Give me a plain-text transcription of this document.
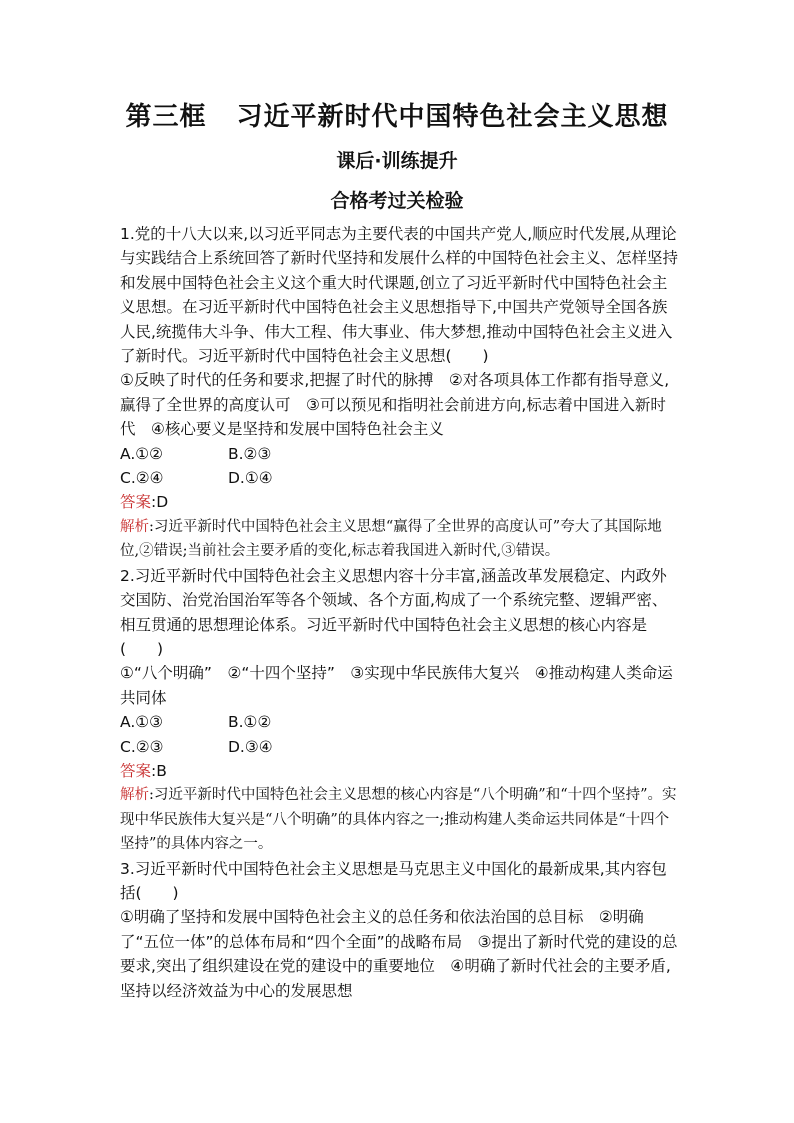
第三框 习近平新时代中国特色社会主义思想
课后·训练提升
合格考过关检验

1.党的十八大以来,以习近平同志为主要代表的中国共产党人,顺应时代发展,从理论与实践结合上系统回答了新时代坚持和发展什么样的中国特色社会主义、怎样坚持和发展中国特色社会主义这个重大时代课题,创立了习近平新时代中国特色社会主义思想。在习近平新时代中国特色社会主义思想指导下,中国共产党领导全国各族人民,统揽伟大斗争、伟大工程、伟大事业、伟大梦想,推动中国特色社会主义进入了新时代。习近平新时代中国特色社会主义思想(　　)

①反映了时代的任务和要求,把握了时代的脉搏　②对各项具体工作都有指导意义,赢得了全世界的高度认可　③可以预见和指明社会前进方向,标志着中国进入新时代　④核心要义是坚持和发展中国特色社会主义

A.①②	B.②③

C.②④	D.①④

答案:D

解析:习近平新时代中国特色社会主义思想“赢得了全世界的高度认可”夸大了其国际地位,②错误;当前社会主要矛盾的变化,标志着我国进入新时代,③错误。

2.习近平新时代中国特色社会主义思想内容十分丰富,涵盖改革发展稳定、内政外交国防、治党治国治军等各个领域、各个方面,构成了一个系统完整、逻辑严密、相互贯通的思想理论体系。习近平新时代中国特色社会主义思想的核心内容是

(　　)

①“八个明确”　②“十四个坚持”　③实现中华民族伟大复兴　④推动构建人类命运共同体

A.①③	B.①②

C.②③	D.③④

答案:B

解析:习近平新时代中国特色社会主义思想的核心内容是“八个明确”和“十四个坚持”。实现中华民族伟大复兴是“八个明确”的具体内容之一;推动构建人类命运共同体是“十四个坚持”的具体内容之一。

3.习近平新时代中国特色社会主义思想是马克思主义中国化的最新成果,其内容包括(　　)

①明确了坚持和发展中国特色社会主义的总任务和依法治国的总目标　②明确了“五位一体”的总体布局和“四个全面”的战略布局　③提出了新时代党的建设的总要求,突出了组织建设在党的建设中的重要地位　④明确了新时代社会的主要矛盾,坚持以经济效益为中心的发展思想
